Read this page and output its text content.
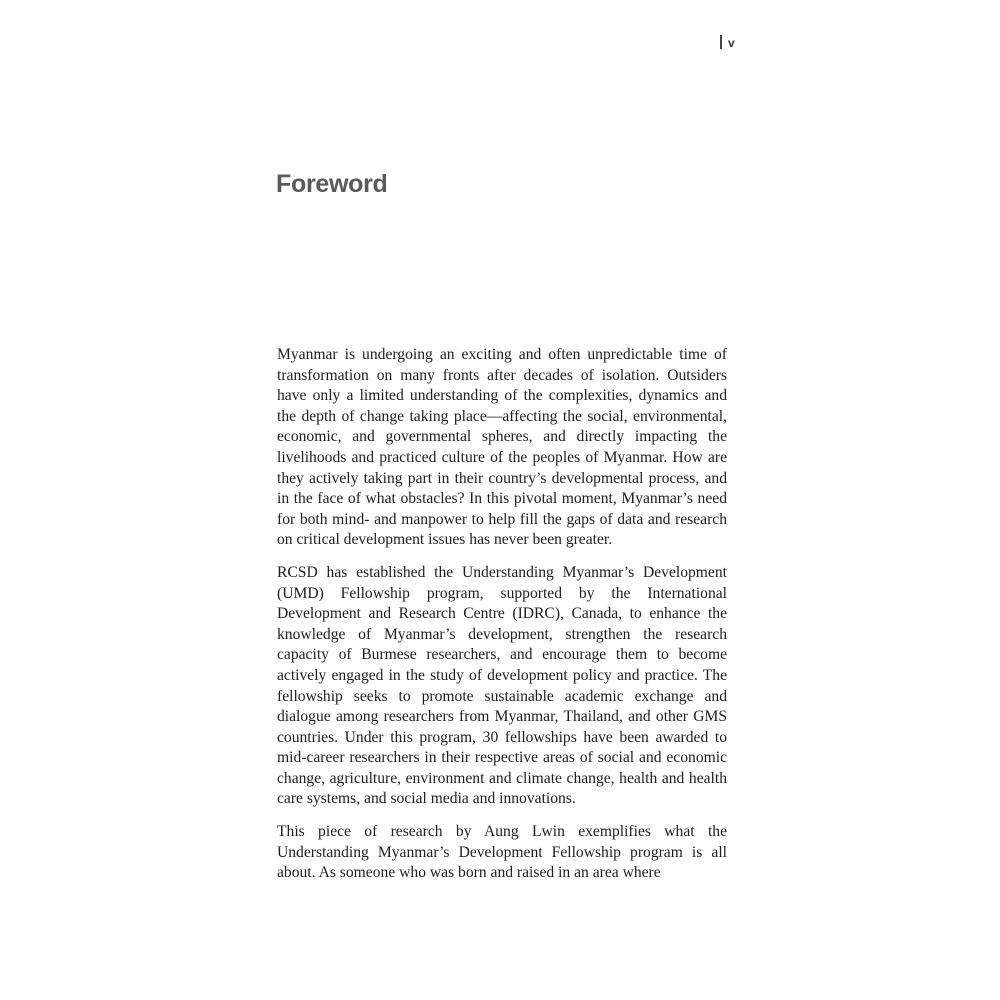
v
Foreword

Myanmar is undergoing an exciting and often unpredictable time of transformation on many fronts after decades of isolation. Outsiders have only a limited understanding of the complexities, dynamics and the depth of change taking place—affecting the social, environmental, economic, and governmental spheres, and directly impacting the livelihoods and practiced culture of the peoples of Myanmar. How are they actively taking part in their country’s developmental process, and in the face of what obstacles? In this pivotal moment, Myanmar’s need for both mind- and manpower to help fill the gaps of data and research on critical development issues has never been greater.

RCSD has established the Understanding Myanmar’s Development (UMD) Fellowship program, supported by the International Development and Research Centre (IDRC), Canada, to enhance the knowledge of Myanmar’s development, strengthen the research capacity of Burmese researchers, and encourage them to become actively engaged in the study of development policy and practice. The fellowship seeks to promote sustainable academic exchange and dialogue among researchers from Myanmar, Thailand, and other GMS countries. Under this program, 30 fellowships have been awarded to mid-career researchers in their respective areas of social and economic change, agriculture, environment and climate change, health and health care systems, and social media and innovations.

This piece of research by Aung Lwin exemplifies what the Understanding Myanmar’s Development Fellowship program is all about. As someone who was born and raised in an area where
